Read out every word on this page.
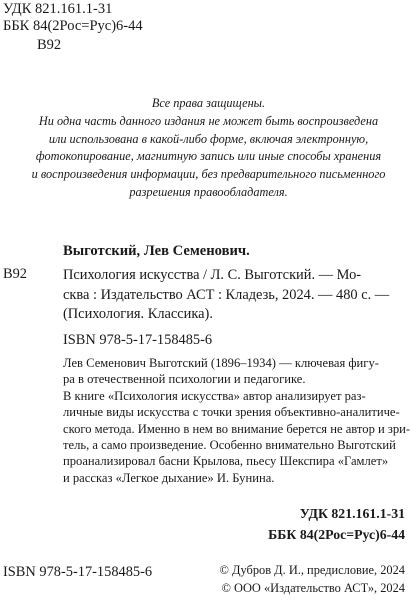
УДК 821.161.1-31
ББК 84(2Рос=Рус)6-44
В92
Все права защищены.
Ни одна часть данного издания не может быть воспроизведена
или использована в какой-либо форме, включая электронную,
фотокопирование, магнитную запись или иные способы хранения
и воспроизведения информации, без предварительного письменного
разрешения правообладателя.
Выготский, Лев Семенович.
В92	Психология искусства / Л. С. Выготский. — Мо-
сква : Издательство АСТ : Кладезь, 2024. — 480 с. —
(Психология. Классика).
ISBN 978-5-17-158485-6
Лев Семенович Выготский (1896–1934) — ключевая фигу-
ра в отечественной психологии и педагогике.
В книге «Психология искусства» автор анализирует раз-
личные виды искусства с точки зрения объективно-аналитиче-
ского метода. Именно в нем во внимание берется не автор и зри-
тель, а само произведение. Особенно внимательно Выготский
проанализировал басни Крылова, пьесу Шекспира «Гамлет»
и рассказ «Легкое дыхание» И. Бунина.
УДК 821.161.1-31
ББК 84(2Рос=Рус)6-44
ISBN 978-5-17-158485-6	© Дубров Д. И., предисловие, 2024
© ООО «Издательство АСТ», 2024
